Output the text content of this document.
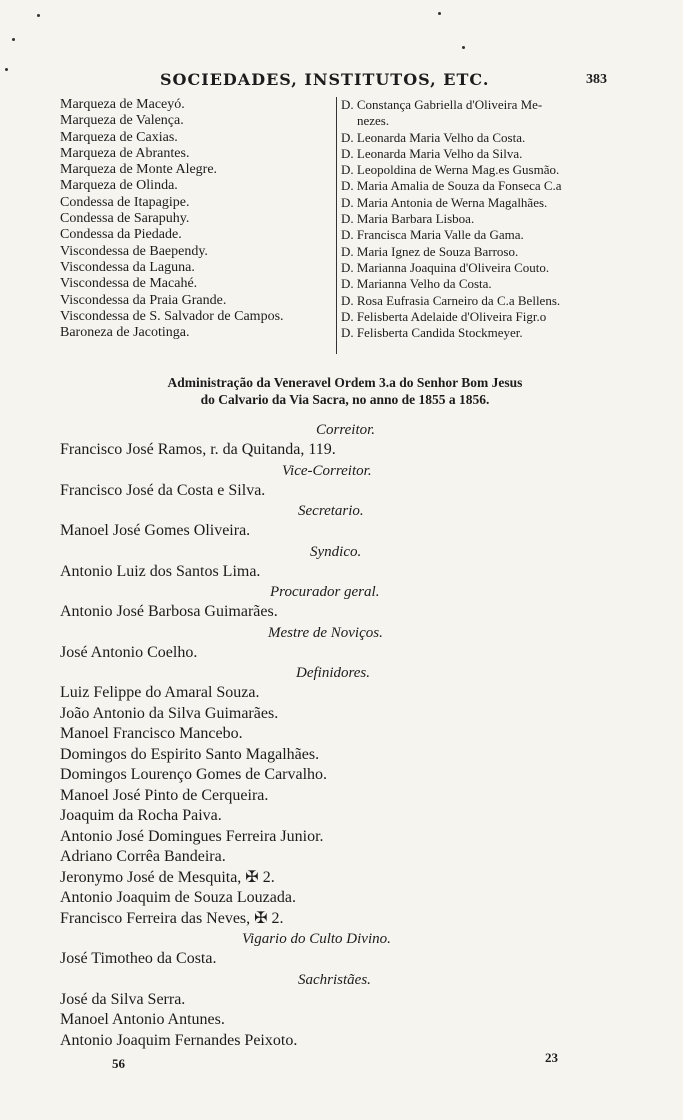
SOCIEDADES, INSTITUTOS, ETC.	383
Marqueza de Maceyó.
Marqueza de Valença.
Marqueza de Caxias.
Marqueza de Abrantes.
Marqueza de Monte Alegre.
Marqueza de Olinda.
Condessa de Itapagipe.
Condessa de Sarapuhy.
Condessa da Piedade.
Viscondessa de Baependy.
Viscondessa da Laguna.
Viscondessa de Macahé.
Viscondessa da Praia Grande.
Viscondessa de S. Salvador de Campos.
Baroneza de Jacotinga.
D. Constança Gabriella d'Oliveira Me-
nezes.
D. Leonarda Maria Velho da Costa.
D. Leonarda Maria Velho da Silva.
D. Leopoldina de Werna Mag.es Gusmão.
D. Maria Amalia de Souza da Fonseca C.a
D. Maria Antonia de Werna Magalhães.
D. Maria Barbara Lisboa.
D. Francisca Maria Valle da Gama.
D. Maria Ignez de Souza Barroso.
D. Marianna Joaquina d'Oliveira Couto.
D. Marianna Velho da Costa.
D. Rosa Eufrasia Carneiro da C.a Bellens.
D. Felisberta Adelaide d'Oliveira Figr.o
D. Felisberta Candida Stockmeyer.
Administração da Veneravel Ordem 3.a do Senhor Bom Jesus
do Calvario da Via Sacra, no anno de 1855 a 1856.
Correitor.
Francisco José Ramos, r. da Quitanda, 119.
Vice-Correitor.
Francisco José da Costa e Silva.
Secretario.
Manoel José Gomes Oliveira.
Syndico.
Antonio Luiz dos Santos Lima.
Procurador geral.
Antonio José Barbosa Guimarães.
Mestre de Noviços.
José Antonio Coelho.
Definidores.
Luiz Felippe do Amaral Souza.
João Antonio da Silva Guimarães.
Manoel Francisco Mancebo.
Domingos do Espirito Santo Magalhães.
Domingos Lourenço Gomes de Carvalho.
Manoel José Pinto de Cerqueira.
Joaquim da Rocha Paiva.
Antonio José Domingues Ferreira Junior.
Adriano Corrêa Bandeira.
Jeronymo José de Mesquita, ✠ 2.
Antonio Joaquim de Souza Louzada.
Francisco Ferreira das Neves, ✠ 2.
Vigario do Culto Divino.
José Timotheo da Costa.
Sachristães.
José da Silva Serra.
Manoel Antonio Antunes.
Antonio Joaquim Fernandes Peixoto.
56	23
